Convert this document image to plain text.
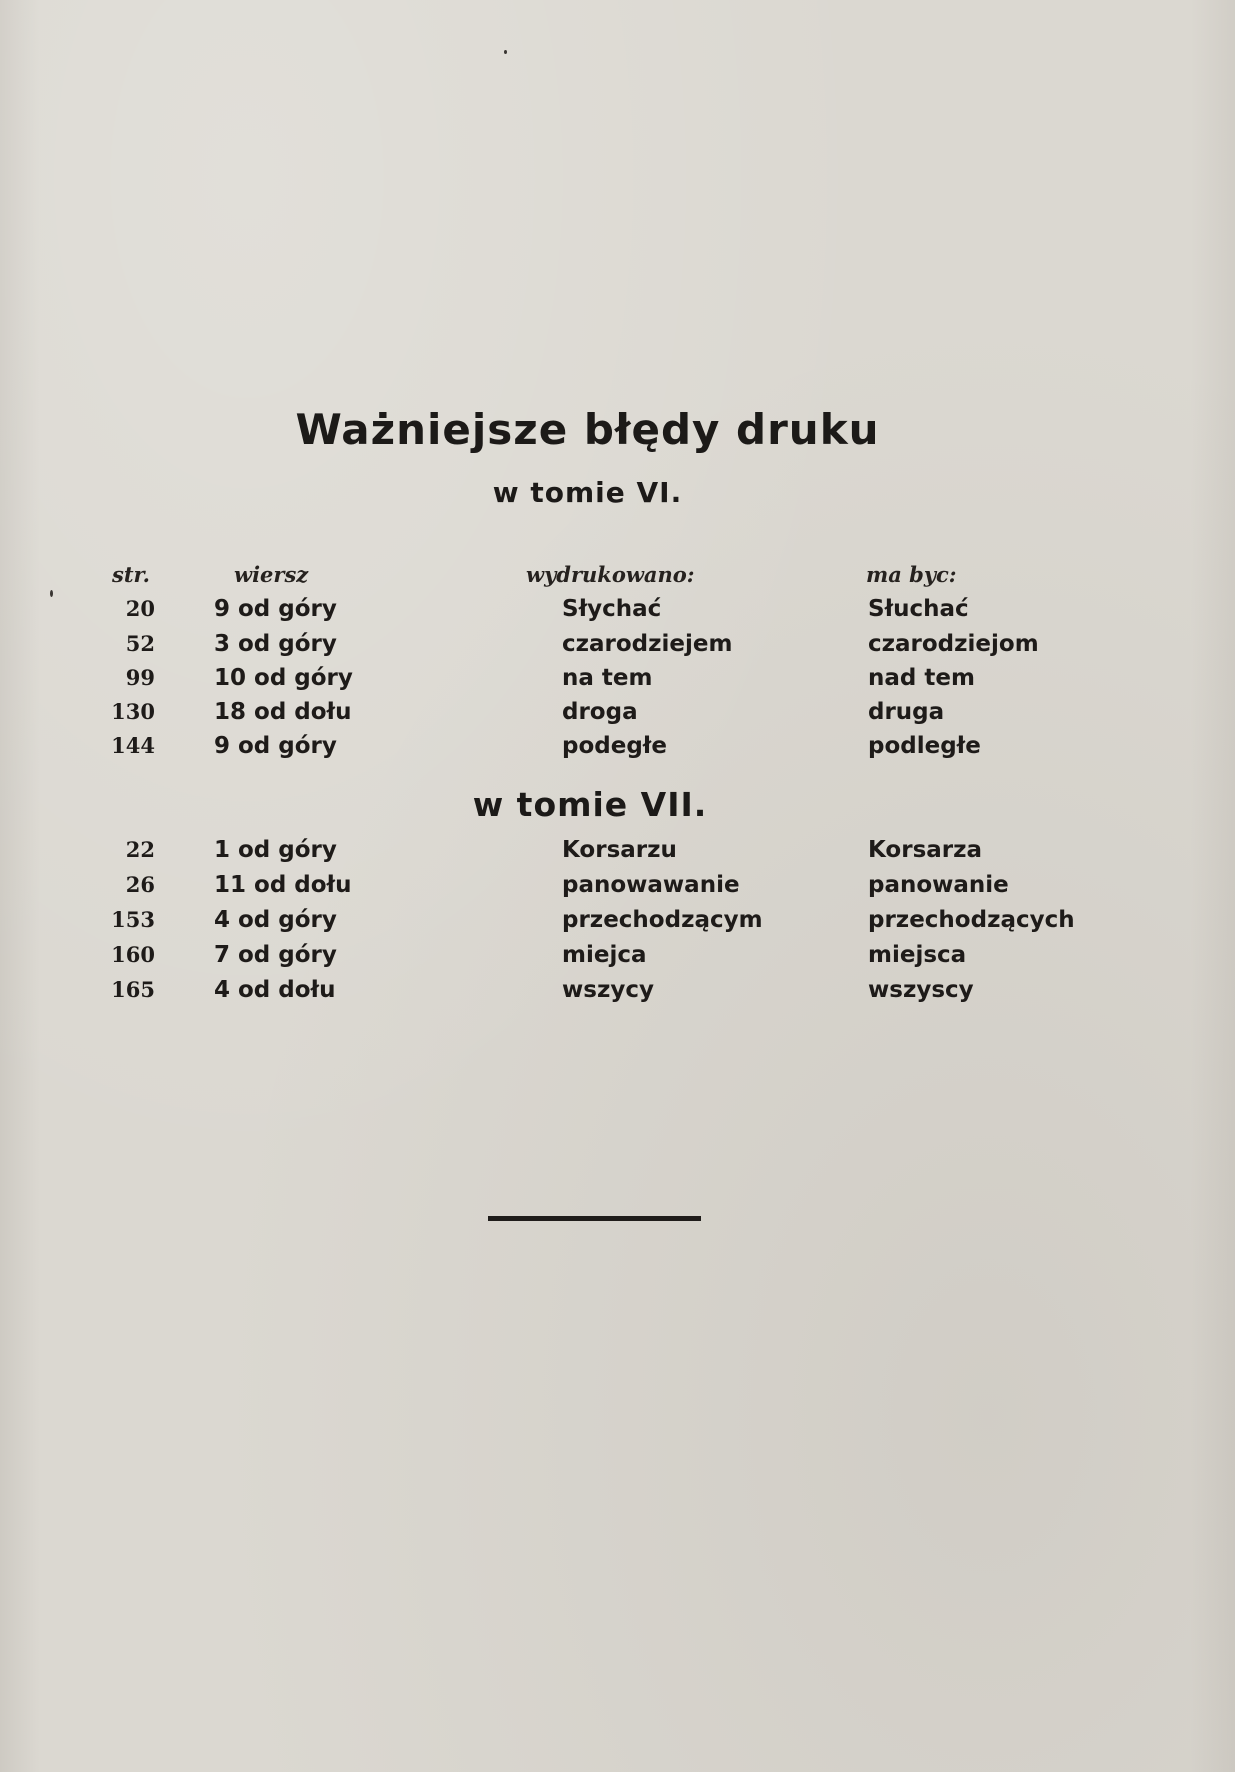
Ważniejsze błędy druku
w tomie VI.
str.	wiersz	wydrukowano:	ma byc:
20	9 od góry	Słychać	Słuchać
52	3 od góry	czarodziejem	czarodziejom
99	10 od góry	na tem	nad tem
130	18 od dołu	droga	druga
144	9 od góry	podegłe	podległe
w tomie VII.
22	1 od góry	Korsarzu	Korsarza
26	11 od dołu	panowawanie	panowanie
153	4 od góry	przechodzącym	przechodzących
160	7 od góry	miejca	miejsca
165	4 od dołu	wszycy	wszyscy
